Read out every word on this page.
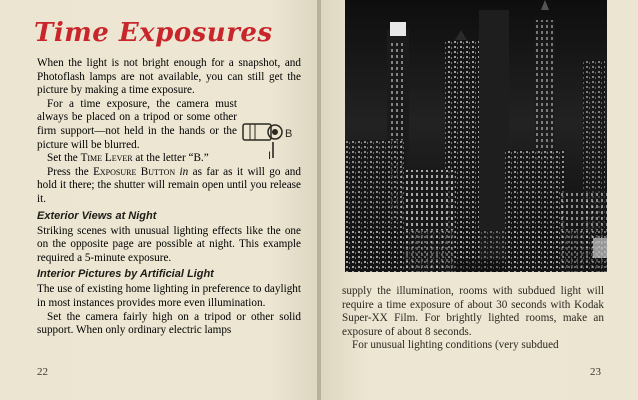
Time Exposures

When the light is not bright enough for a snapshot, and Photoflash lamps are not available, you can still get the picture by making a time exposure.

For a time exposure, the camera must always be placed on a tripod or some other firm support—not held in the hands or the picture will be blurred.

Set the Time Lever at the letter “B.”

Press the Exposure Button in as far as it will go and hold it there; the shutter will remain open until you release it.

Exterior Views at Night

Striking scenes with unusual lighting effects like the one on the opposite page are possible at night. This example required a 5-minute exposure.

Interior Pictures by Artificial Light

The use of existing home lighting in preference to daylight in most instances provides more even illumination.

Set the camera fairly high on a tripod or other solid support. When only ordinary electric lamps

B
I
22

supply the illumination, rooms with subdued light will require a time exposure of about 30 seconds with Kodak Super-XX Film. For brightly lighted rooms, make an exposure of about 8 seconds.

For unusual lighting conditions (very subdued

23
I
